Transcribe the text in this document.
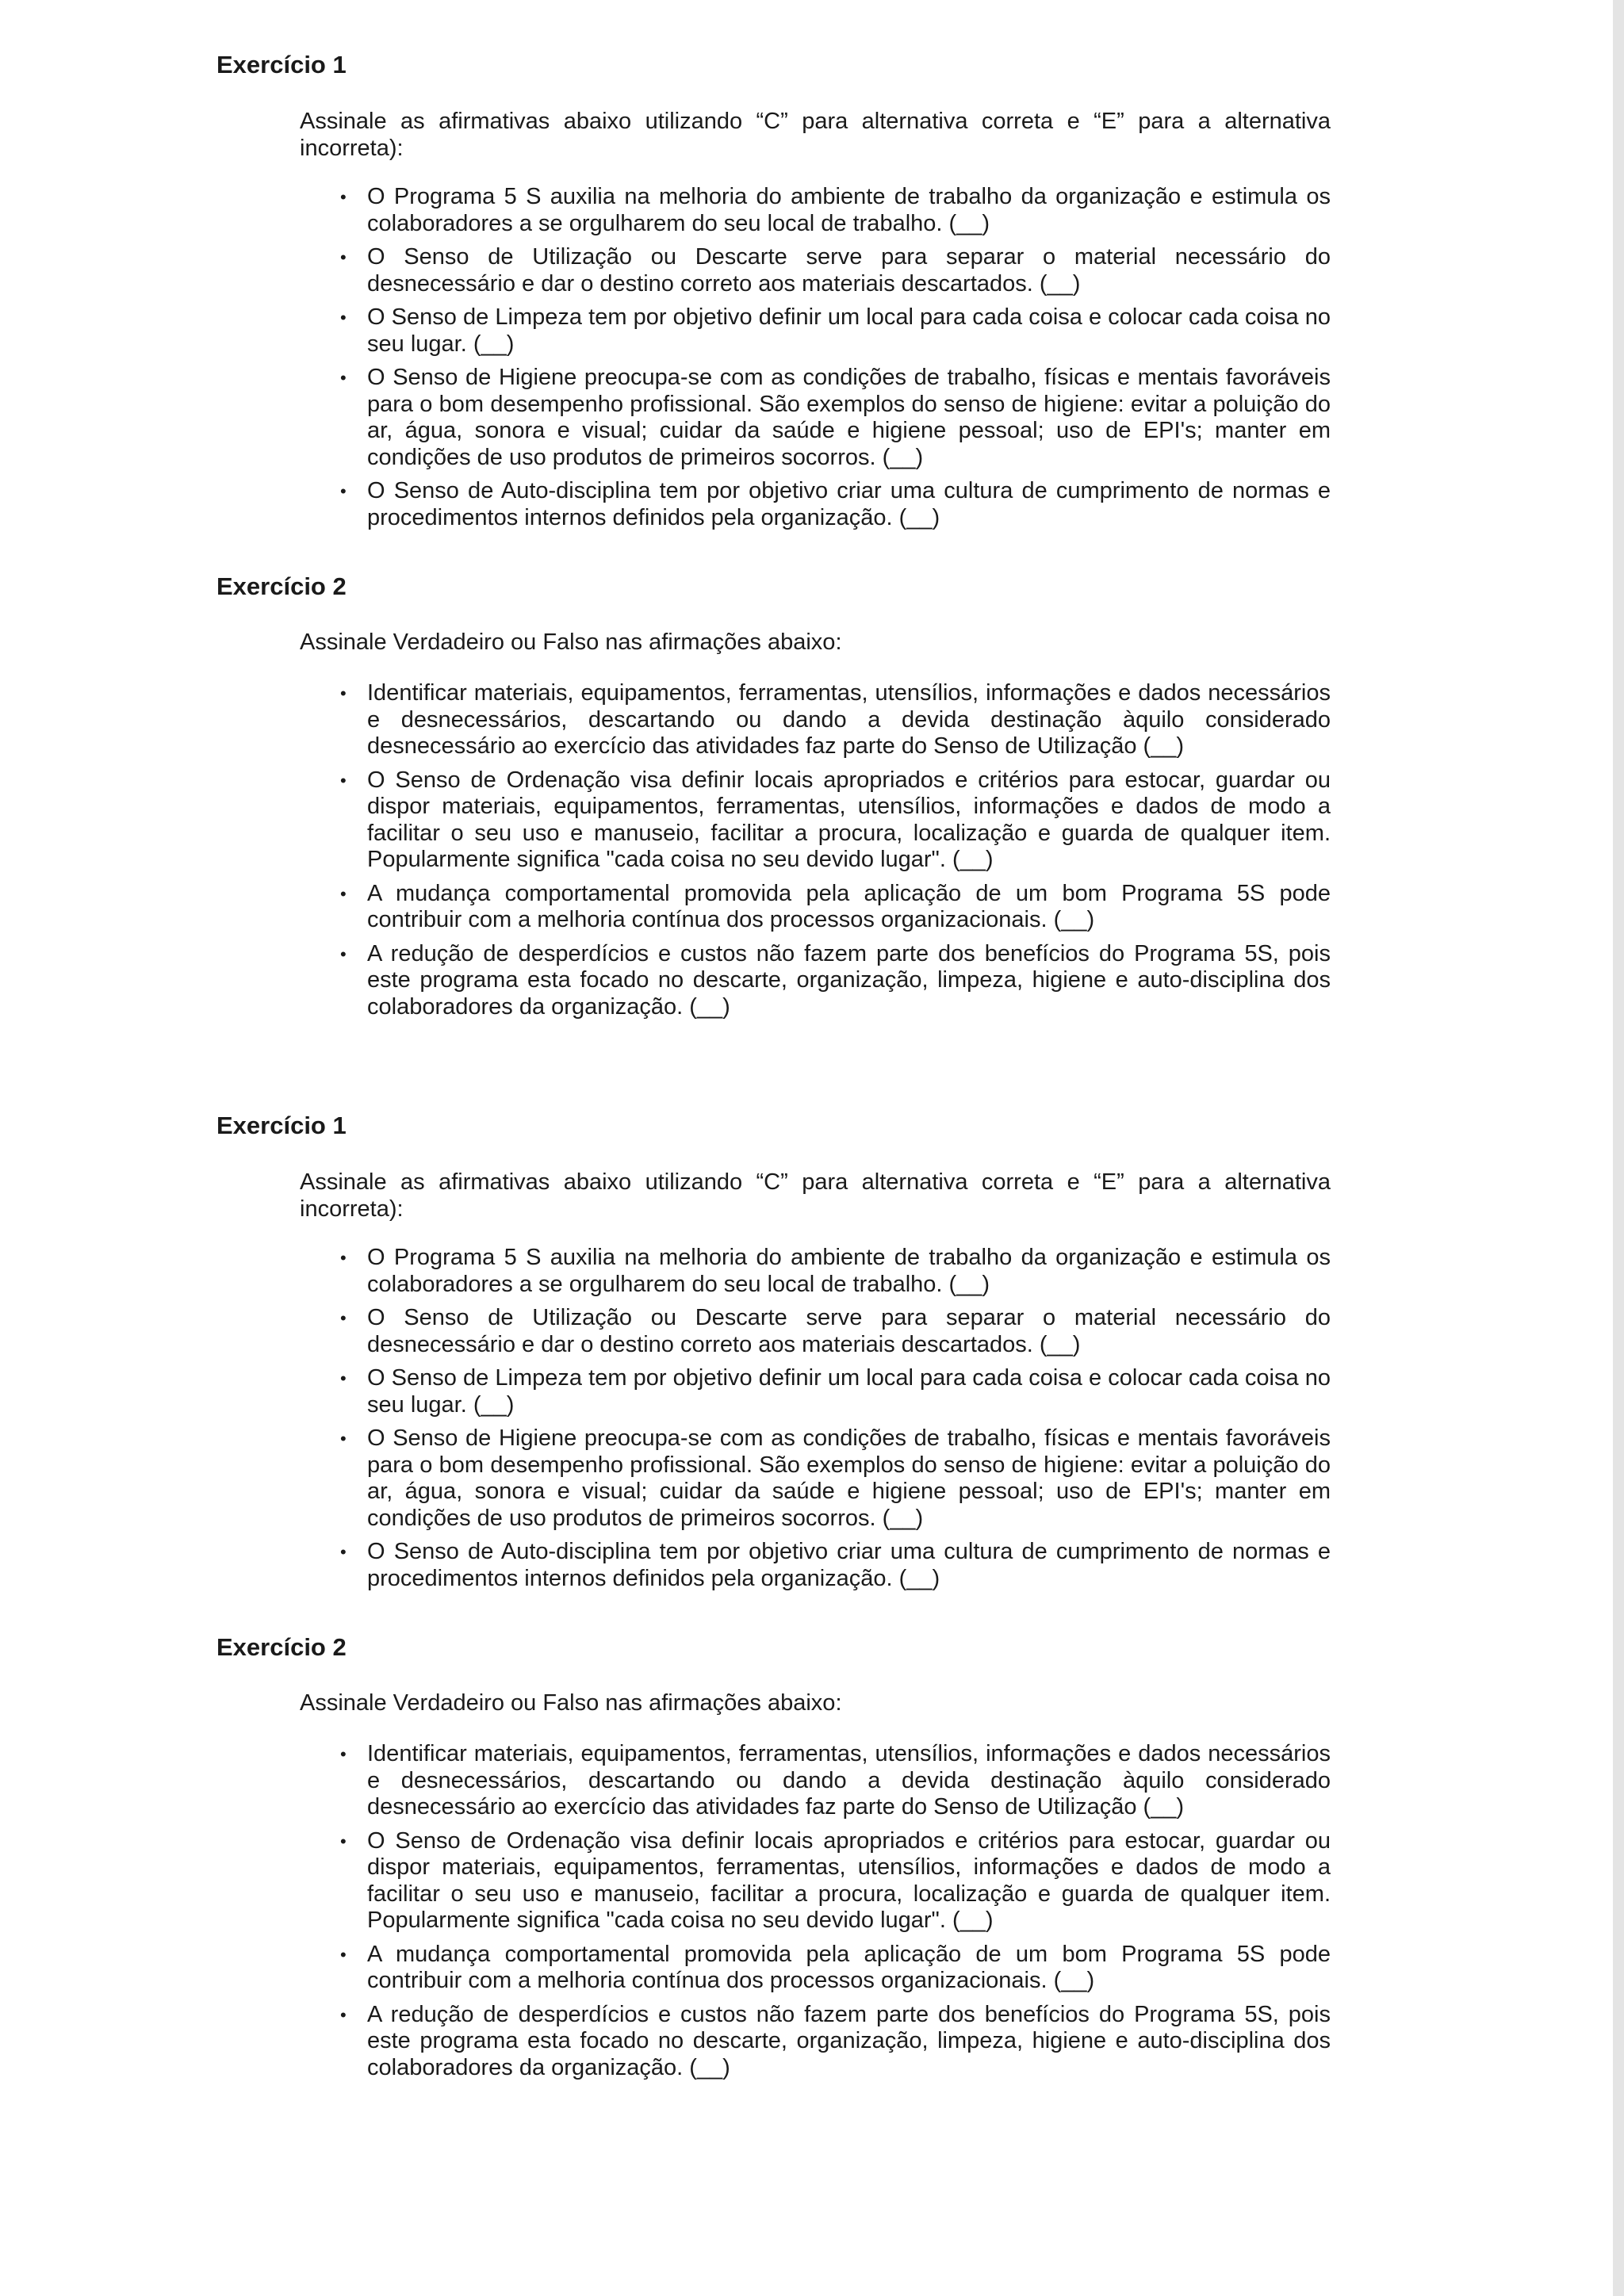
Exercício 1

Assinale as afirmativas abaixo utilizando “C” para alternativa correta e “E” para a alternativa incorreta):

• O Programa 5 S auxilia na melhoria do ambiente de trabalho da organização e estimula os colaboradores a se orgulharem do seu local de trabalho. (__)
• O Senso de Utilização ou Descarte serve para separar o material necessário do desnecessário e dar o destino correto aos materiais descartados. (__)
• O Senso de Limpeza tem por objetivo definir um local para cada coisa e colocar cada coisa no seu lugar. (__)
• O Senso de Higiene preocupa-se com as condições de trabalho, físicas e mentais favoráveis para o bom desempenho profissional. São exemplos do senso de higiene: evitar a poluição do ar, água, sonora e visual; cuidar da saúde e higiene pessoal; uso de EPI's; manter em condições de uso produtos de primeiros socorros. (__)
• O Senso de Auto-disciplina tem por objetivo criar uma cultura de cumprimento de normas e procedimentos internos definidos pela organização. (__)
Exercício 2

Assinale Verdadeiro ou Falso nas afirmações abaixo:

• Identificar materiais, equipamentos, ferramentas, utensílios, informações e dados necessários e desnecessários, descartando ou dando a devida destinação àquilo considerado desnecessário ao exercício das atividades faz parte do Senso de Utilização (__)
• O Senso de Ordenação visa definir locais apropriados e critérios para estocar, guardar ou dispor materiais, equipamentos, ferramentas, utensílios, informações e dados de modo a facilitar o seu uso e manuseio, facilitar a procura, localização e guarda de qualquer item. Popularmente significa "cada coisa no seu devido lugar". (__)
• A mudança comportamental promovida pela aplicação de um bom Programa 5S pode contribuir com a melhoria contínua dos processos organizacionais. (__)
• A redução de desperdícios e custos não fazem parte dos benefícios do Programa 5S, pois este programa esta focado no descarte, organização, limpeza, higiene e auto-disciplina dos colaboradores da organização. (__)
Exercício 1

Assinale as afirmativas abaixo utilizando “C” para alternativa correta e “E” para a alternativa incorreta):

• O Programa 5 S auxilia na melhoria do ambiente de trabalho da organização e estimula os colaboradores a se orgulharem do seu local de trabalho. (__)
• O Senso de Utilização ou Descarte serve para separar o material necessário do desnecessário e dar o destino correto aos materiais descartados. (__)
• O Senso de Limpeza tem por objetivo definir um local para cada coisa e colocar cada coisa no seu lugar. (__)
• O Senso de Higiene preocupa-se com as condições de trabalho, físicas e mentais favoráveis para o bom desempenho profissional. São exemplos do senso de higiene: evitar a poluição do ar, água, sonora e visual; cuidar da saúde e higiene pessoal; uso de EPI's; manter em condições de uso produtos de primeiros socorros. (__)
• O Senso de Auto-disciplina tem por objetivo criar uma cultura de cumprimento de normas e procedimentos internos definidos pela organização. (__)
Exercício 2

Assinale Verdadeiro ou Falso nas afirmações abaixo:

• Identificar materiais, equipamentos, ferramentas, utensílios, informações e dados necessários e desnecessários, descartando ou dando a devida destinação àquilo considerado desnecessário ao exercício das atividades faz parte do Senso de Utilização (__)
• O Senso de Ordenação visa definir locais apropriados e critérios para estocar, guardar ou dispor materiais, equipamentos, ferramentas, utensílios, informações e dados de modo a facilitar o seu uso e manuseio, facilitar a procura, localização e guarda de qualquer item. Popularmente significa "cada coisa no seu devido lugar". (__)
• A mudança comportamental promovida pela aplicação de um bom Programa 5S pode contribuir com a melhoria contínua dos processos organizacionais. (__)
• A redução de desperdícios e custos não fazem parte dos benefícios do Programa 5S, pois este programa esta focado no descarte, organização, limpeza, higiene e auto-disciplina dos colaboradores da organização. (__)
